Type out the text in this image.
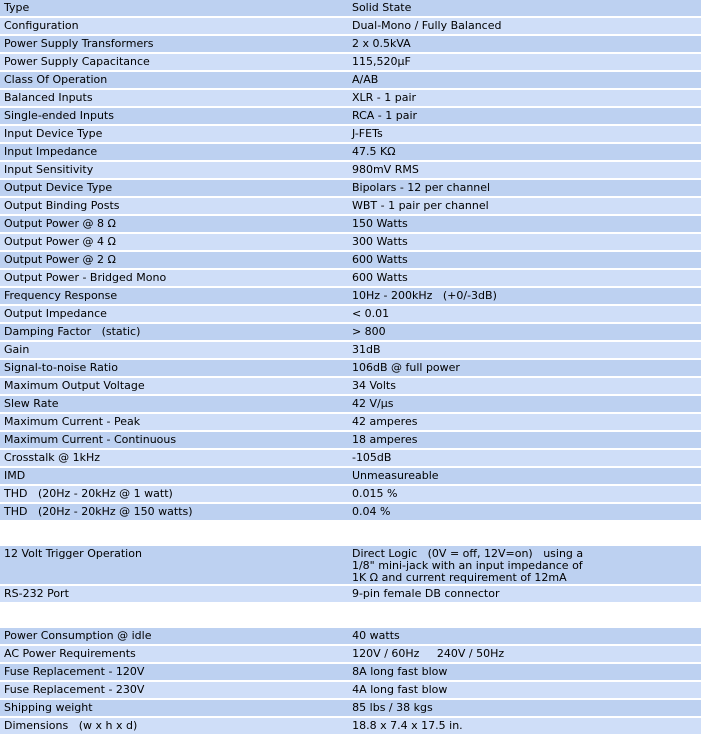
Type	Solid State
Configuration	Dual-Mono / Fully Balanced
Power Supply Transformers	2 x 0.5kVA
Power Supply Capacitance	115,520µF
Class Of Operation	A/AB
Balanced Inputs	XLR - 1 pair
Single-ended Inputs	RCA - 1 pair
Input Device Type	J-FETs
Input Impedance	47.5 KΩ
Input Sensitivity	980mV RMS
Output Device Type	Bipolars - 12 per channel
Output Binding Posts	WBT - 1 pair per channel
Output Power @ 8 Ω	150 Watts
Output Power @ 4 Ω	300 Watts
Output Power @ 2 Ω	600 Watts
Output Power - Bridged Mono	600 Watts
Frequency Response	10Hz - 200kHz   (+0/-3dB)
Output Impedance	< 0.01
Damping Factor   (static)	> 800
Gain	31dB
Signal-to-noise Ratio	106dB @ full power
Maximum Output Voltage	34 Volts
Slew Rate	42 V/µs
Maximum Current - Peak	42 amperes
Maximum Current - Continuous	18 amperes
Crosstalk @ 1kHz	-105dB
IMD	Unmeasureable
THD   (20Hz - 20kHz @ 1 watt)	0.015 %
THD   (20Hz - 20kHz @ 150 watts)	0.04 %
12 Volt Trigger Operation	Direct Logic   (0V = off, 12V=on)   using a
1/8" mini-jack with an input impedance of
1K Ω and current requirement of 12mA
RS-232 Port	9-pin female DB connector
Power Consumption @ idle	40 watts
AC Power Requirements	120V / 60Hz     240V / 50Hz
Fuse Replacement - 120V	8A long fast blow
Fuse Replacement - 230V	4A long fast blow
Shipping weight	85 lbs / 38 kgs
Dimensions   (w x h x d)	18.8 x 7.4 x 17.5 in.
